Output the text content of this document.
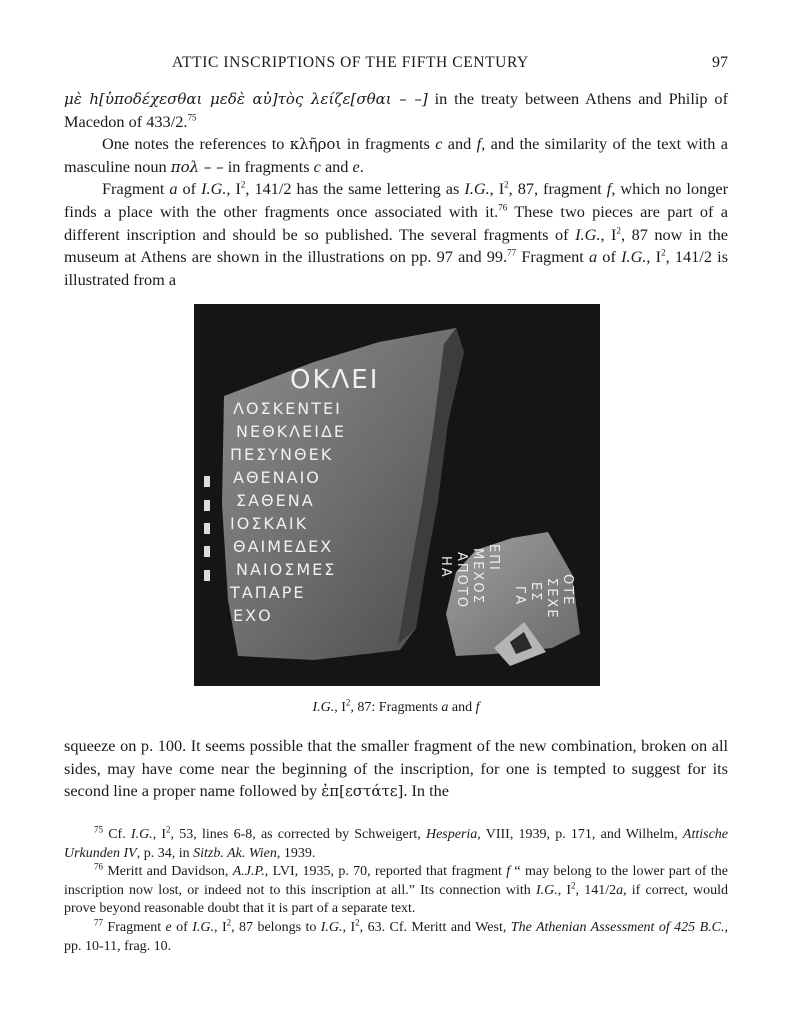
ATTIC INSCRIPTIONS OF THE FIFTH CENTURY	97

μὲ h[ὑποδέχεσθαι μεδὲ αὐ]τὸς λείζε[σθαι – –] in the treaty between Athens and Philip of Macedon of 433/2.75

One notes the references to κλῆροι in fragments c and f, and the similarity of the text with a masculine noun πολ – – in fragments c and e.

Fragment a of I.G., $I^2$, 141/2 has the same lettering as I.G., $I^2$, 87, fragment f, which no longer finds a place with the other fragments once associated with it.$^{76}$ These two pieces are part of a different inscription and should be so published. The several fragments of I.G., $I^2$, 87 now in the museum at Athens are shown in the illustrations on pp. 97 and 99.77 Fragment a of I.G., $I^2$, 141/2 is illustrated from a

ΟΚΛΕΙ
ΛΟΣΚΕΝΤΕΙ
ΝΕΘΚΛΕΙΔΕ
ΠΕΣΥΝΘΕΚ
ΑΘΕΝΑΙΟ
ΣΑΘΕΝΑ
ΙΟΣΚΑΙΚ
ΘΑΙΜΕΔΕΧ
ΝΑΙΟΣΜΕΣ
ΤΑΠΑΡΕ
ΕΧΟ
ΕΠΙ
ΜΕΧΟΣ
ΑΠΟΤΟ
ΗΑ
ΟΤΕ
ΣΕΧΕ
ΕΣ
ΓΑ
I.G., $I^2$, 87: Fragments a and f

squeeze on p. 100. It seems possible that the smaller fragment of the new combination, broken on all sides, may have come near the beginning of the inscription, for one is tempted to suggest for its second line a proper name followed by ἐπ[εστάτε]. In the

$^{75}$ Cf. I.G., I$^2$, 53, lines 6-8, as corrected by Schweigert, Hesperia, VIII, 1939, p. 171, and Wilhelm, Attische Urkunden IV, p. 34, in Sitzb. Ak. Wien, 1939.

$^{76}$ Meritt and Davidson, A.J.P., LVI, 1935, p. 70, reported that fragment f “ may belong to the lower part of the inscription now lost, or indeed not to this inscription at all.” Its connection with I.G., I$^2$, 141/2a, if correct, would prove beyond reasonable doubt that it is part of a separate text.

$^{77}$ Fragment e of I.G., I$^2$, 87 belongs to I.G., I$^2$, 63. Cf. Meritt and West, The Athenian Assessment of 425 B.C., pp. 10-11, frag. 10.
